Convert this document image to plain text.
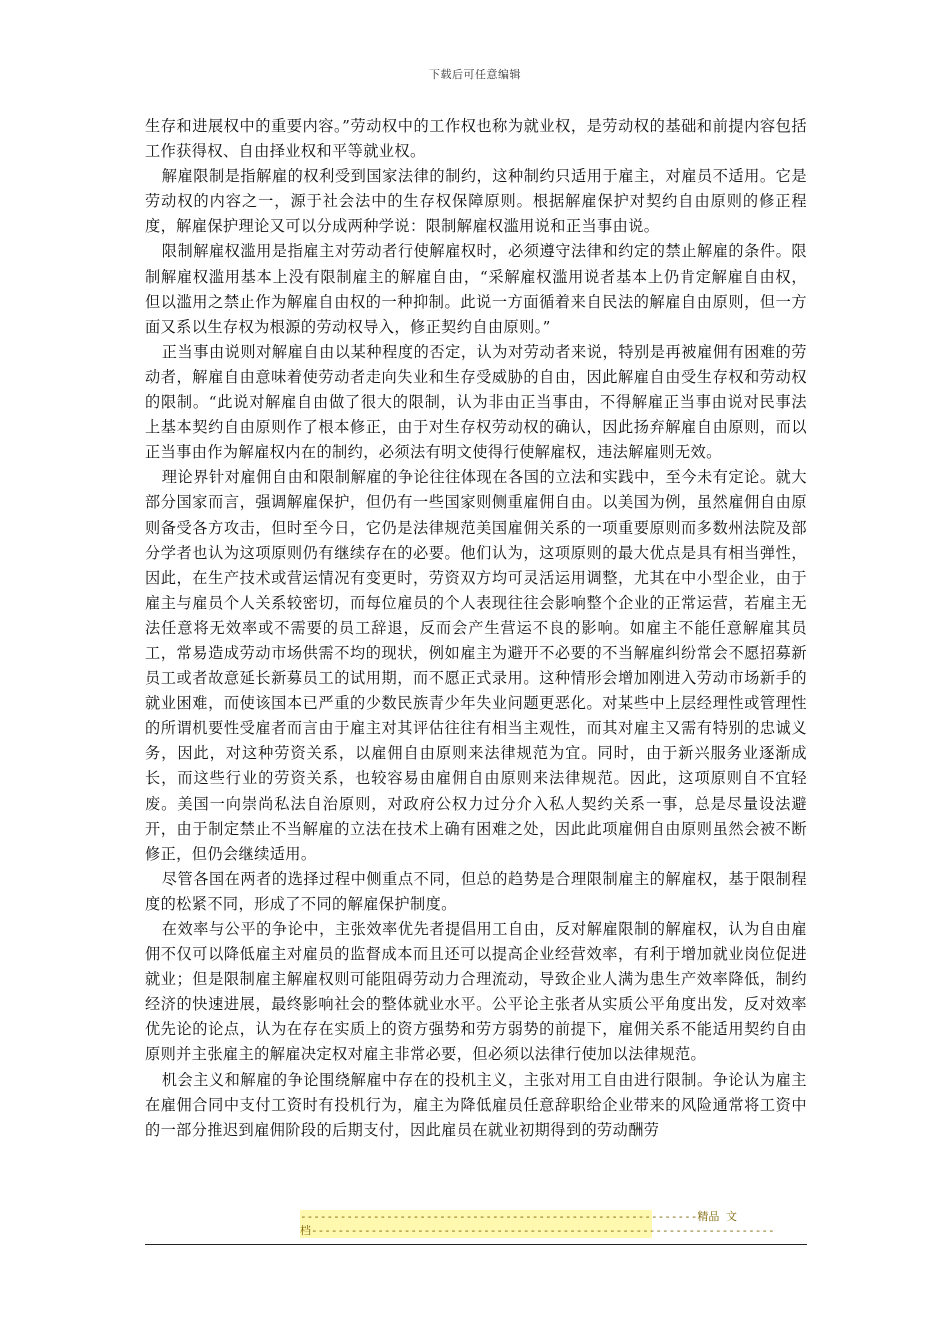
下载后可任意编辑

生存和进展权中的重要内容。”劳动权中的工作权也称为就业权，是劳动权的基础和前提内容包括工作获得权、自由择业权和平等就业权。

解雇限制是指解雇的权利受到国家法律的制约，这种制约只适用于雇主，对雇员不适用。它是劳动权的内容之一，源于社会法中的生存权保障原则。根据解雇保护对契约自由原则的修正程度，解雇保护理论又可以分成两种学说：限制解雇权滥用说和正当事由说。

限制解雇权滥用是指雇主对劳动者行使解雇权时，必须遵守法律和约定的禁止解雇的条件。限制解雇权滥用基本上没有限制雇主的解雇自由，“采解雇权滥用说者基本上仍肯定解雇自由权，但以滥用之禁止作为解雇自由权的一种抑制。此说一方面循着来自民法的解雇自由原则，但一方面又系以生存权为根源的劳动权导入，修正契约自由原则。”

正当事由说则对解雇自由以某种程度的否定，认为对劳动者来说，特别是再被雇佣有困难的劳动者，解雇自由意味着使劳动者走向失业和生存受威胁的自由，因此解雇自由受生存权和劳动权的限制。“此说对解雇自由做了很大的限制，认为非由正当事由，不得解雇正当事由说对民事法上基本契约自由原则作了根本修正，由于对生存权劳动权的确认，因此扬弃解雇自由原则，而以正当事由作为解雇权内在的制约，必须法有明文使得行使解雇权，违法解雇则无效。

理论界针对雇佣自由和限制解雇的争论往往体现在各国的立法和实践中，至今未有定论。就大部分国家而言，强调解雇保护，但仍有一些国家则侧重雇佣自由。以美国为例，虽然雇佣自由原则备受各方攻击，但时至今日，它仍是法律规范美国雇佣关系的一项重要原则而多数州法院及部分学者也认为这项原则仍有继续存在的必要。他们认为，这项原则的最大优点是具有相当弹性，因此，在生产技术或营运情况有变更时，劳资双方均可灵活运用调整，尤其在中小型企业，由于雇主与雇员个人关系较密切，而每位雇员的个人表现往往会影响整个企业的正常运营，若雇主无法任意将无效率或不需要的员工辞退，反而会产生营运不良的影响。如雇主不能任意解雇其员工，常易造成劳动市场供需不均的现状，例如雇主为避开不必要的不当解雇纠纷常会不愿招募新员工或者故意延长新募员工的试用期，而不愿正式录用。这种情形会增加刚进入劳动市场新手的就业困难，而使该国本已严重的少数民族青少年失业问题更恶化。对某些中上层经理性或管理性的所谓机要性受雇者而言由于雇主对其评估往往有相当主观性，而其对雇主又需有特别的忠诚义务，因此，对这种劳资关系，以雇佣自由原则来法律规范为宜。同时，由于新兴服务业逐渐成长，而这些行业的劳资关系，也较容易由雇佣自由原则来法律规范。因此，这项原则自不宜轻废。美国一向崇尚私法自治原则，对政府公权力过分介入私人契约关系一事，总是尽量设法避开，由于制定禁止不当解雇的立法在技术上确有困难之处，因此此项雇佣自由原则虽然会被不断修正，但仍会继续适用。

尽管各国在两者的选择过程中侧重点不同，但总的趋势是合理限制雇主的解雇权，基于限制程度的松紧不同，形成了不同的解雇保护制度。

在效率与公平的争论中，主张效率优先者提倡用工自由，反对解雇限制的解雇权，认为自由雇佣不仅可以降低雇主对雇员的监督成本而且还可以提高企业经营效率，有利于增加就业岗位促进就业；但是限制雇主解雇权则可能阻碍劳动力合理流动，导致企业人满为患生产效率降低，制约经济的快速进展，最终影响社会的整体就业水平。公平论主张者从实质公平角度出发，反对效率优先论的论点，认为在存在实质上的资方强势和劳方弱势的前提下，雇佣关系不能适用契约自由原则并主张雇主的解雇决定权对雇主非常必要，但必须以法律行使加以法律规范。

机会主义和解雇的争论围绕解雇中存在的投机主义，主张对用工自由进行限制。争论认为雇主在雇佣合同中支付工资时有投机行为，雇主为降低雇员任意辞职给企业带来的风险通常将工资中的一部分推迟到雇佣阶段的后期支付，因此雇员在就业初期得到的劳动酬劳

------------------------------------------------------------精品 文
档----------------------------------------------------------------------
